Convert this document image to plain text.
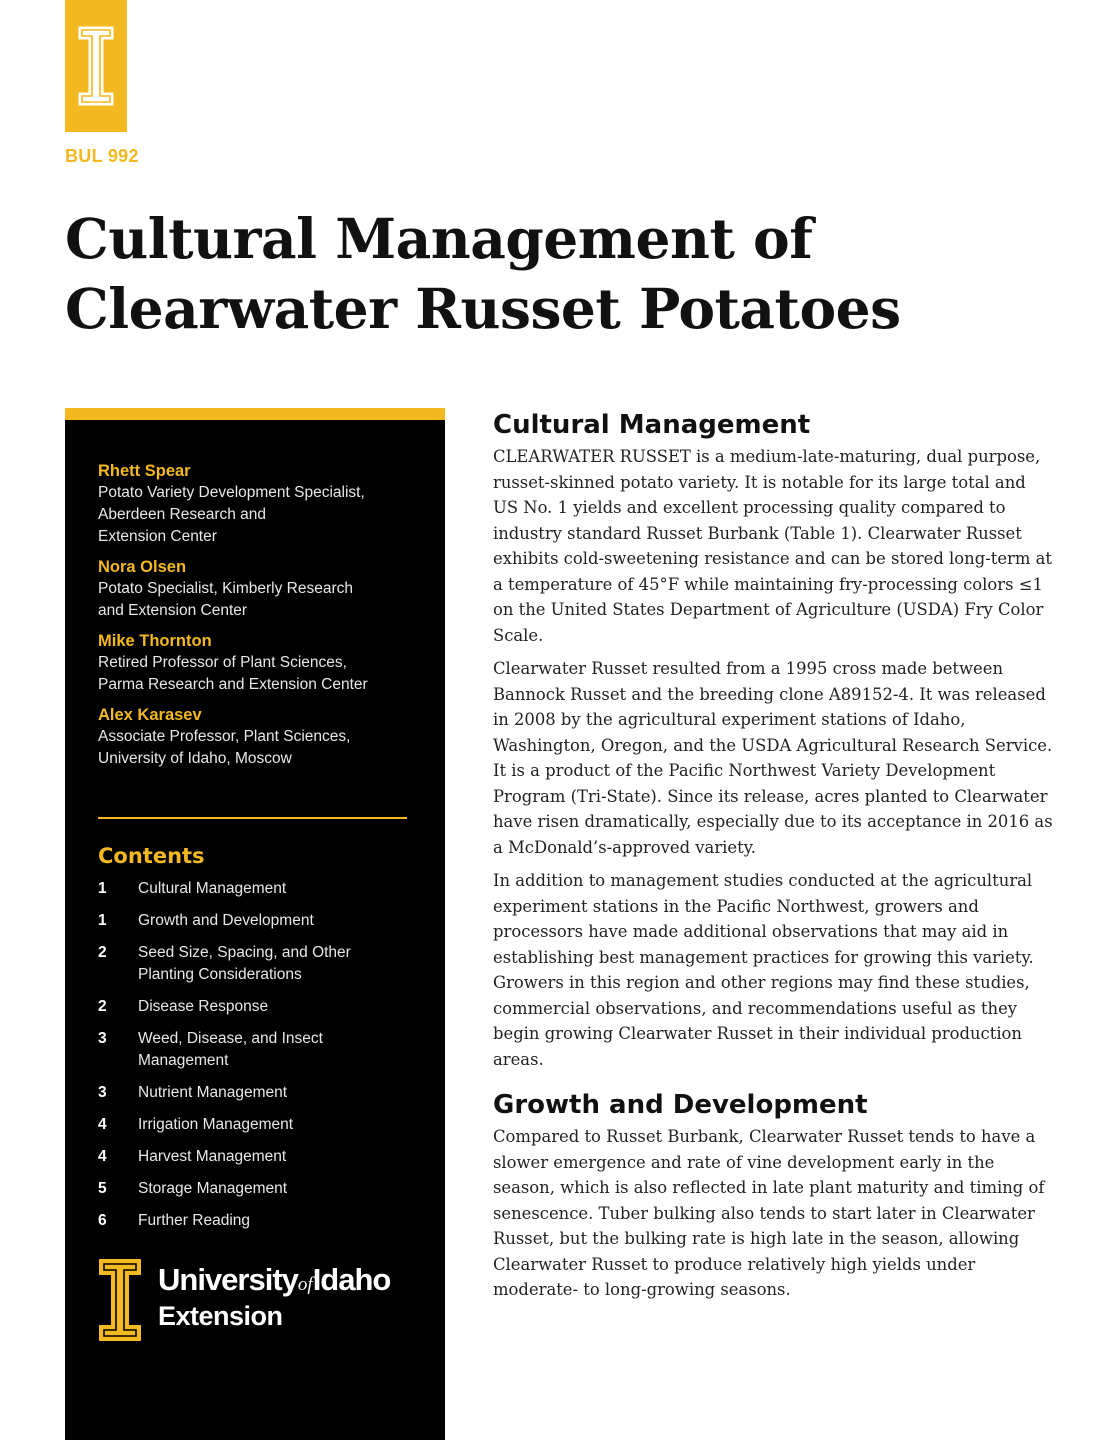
BUL 992
Cultural Management of
Clearwater Russet Potatoes
Rhett Spear
Potato Variety Development Specialist,
Aberdeen Research and
Extension Center
Nora Olsen
Potato Specialist, Kimberly Research
and Extension Center
Mike Thornton
Retired Professor of Plant Sciences,
Parma Research and Extension Center
Alex Karasev
Associate Professor, Plant Sciences,
University of Idaho, Moscow
Contents
1	Cultural Management
1	Growth and Development
2	Seed Size, Spacing, and Other
Planting Considerations
2	Disease Response
3	Weed, Disease, and Insect
Management
3	Nutrient Management
4	Irrigation Management
4	Harvest Management
5	Storage Management
6	Further Reading
UniversityofIdaho
Extension
Cultural Management

CLEARWATER RUSSET is a medium-late-maturing, dual purpose, russet-skinned potato variety. It is notable for its large total and US No. 1 yields and excellent processing quality compared to industry standard Russet Burbank (Table 1). Clearwater Russet exhibits cold-sweetening resistance and can be stored long-term at a temperature of 45°F while maintaining fry-processing colors ≤1 on the United States Department of Agriculture (USDA) Fry Color Scale.

Clearwater Russet resulted from a 1995 cross made between Bannock Russet and the breeding clone A89152-4. It was released in 2008 by the agricultural experiment stations of Idaho, Washington, Oregon, and the USDA Agricultural Research Service. It is a product of the Pacific Northwest Variety Development Program (Tri-State). Since its release, acres planted to Clearwater have risen dramatically, especially due to its acceptance in 2016 as a McDonald’s-approved variety.

In addition to management studies conducted at the agricultural experiment stations in the Pacific Northwest, growers and processors have made additional observations that may aid in establishing best management practices for growing this variety. Growers in this region and other regions may find these studies, commercial observations, and recommendations useful as they begin growing Clearwater Russet in their individual production areas.

Growth and Development

Compared to Russet Burbank, Clearwater Russet tends to have a slower emergence and rate of vine development early in the season, which is also reflected in late plant maturity and timing of senescence. Tuber bulking also tends to start later in Clearwater Russet, but the bulking rate is high late in the season, allowing Clearwater Russet to produce relatively high yields under moderate- to long-growing seasons.
